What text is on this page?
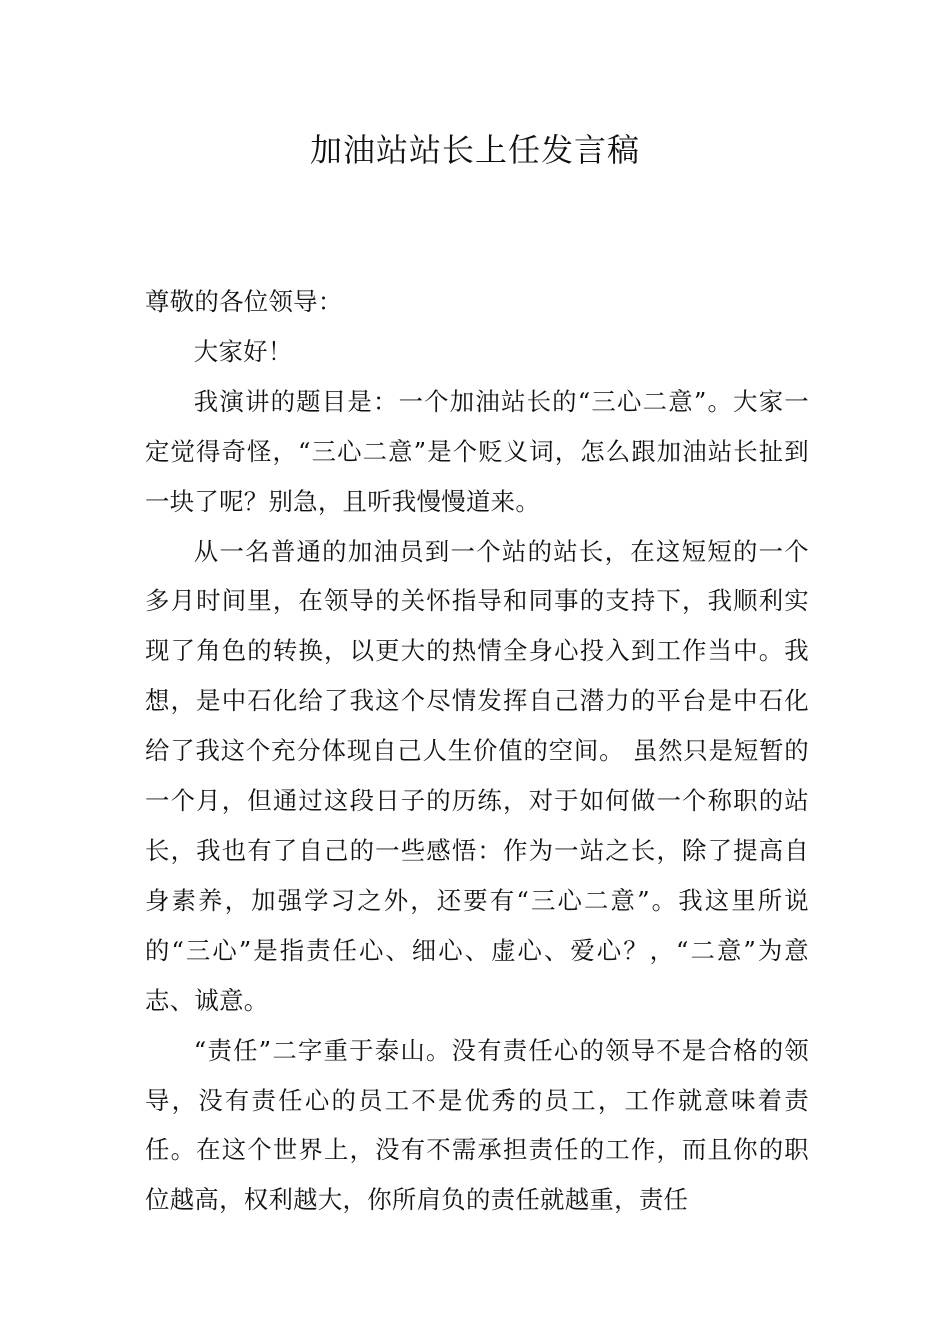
加油站站长上任发言稿

尊敬的各位领导：

大家好！

我演讲的题目是：一个加油站长的“三心二意”。大家一定觉得奇怪，“三心二意”是个贬义词，怎么跟加油站长扯到一块了呢？别急，且听我慢慢道来。

从一名普通的加油员到一个站的站长，在这短短的一个多月时间里，在领导的关怀指导和同事的支持下，我顺利实现了角色的转换，以更大的热情全身心投入到工作当中。我想，是中石化给了我这个尽情发挥自己潜力的平台是中石化给了我这个充分体现自己人生价值的空间。 虽然只是短暂的一个月，但通过这段日子的历练，对于如何做一个称职的站长，我也有了自己的一些感悟：作为一站之长，除了提高自身素养，加强学习之外，还要有“三心二意”。我这里所说的“三心”是指责任心、细心、虚心、爱心？，“二意”为意志、诚意。

“责任”二字重于泰山。没有责任心的领导不是合格的领导，没有责任心的员工不是优秀的员工，工作就意味着责任。在这个世界上，没有不需承担责任的工作，而且你的职位越高，权利越大，你所肩负的责任就越重，责任
